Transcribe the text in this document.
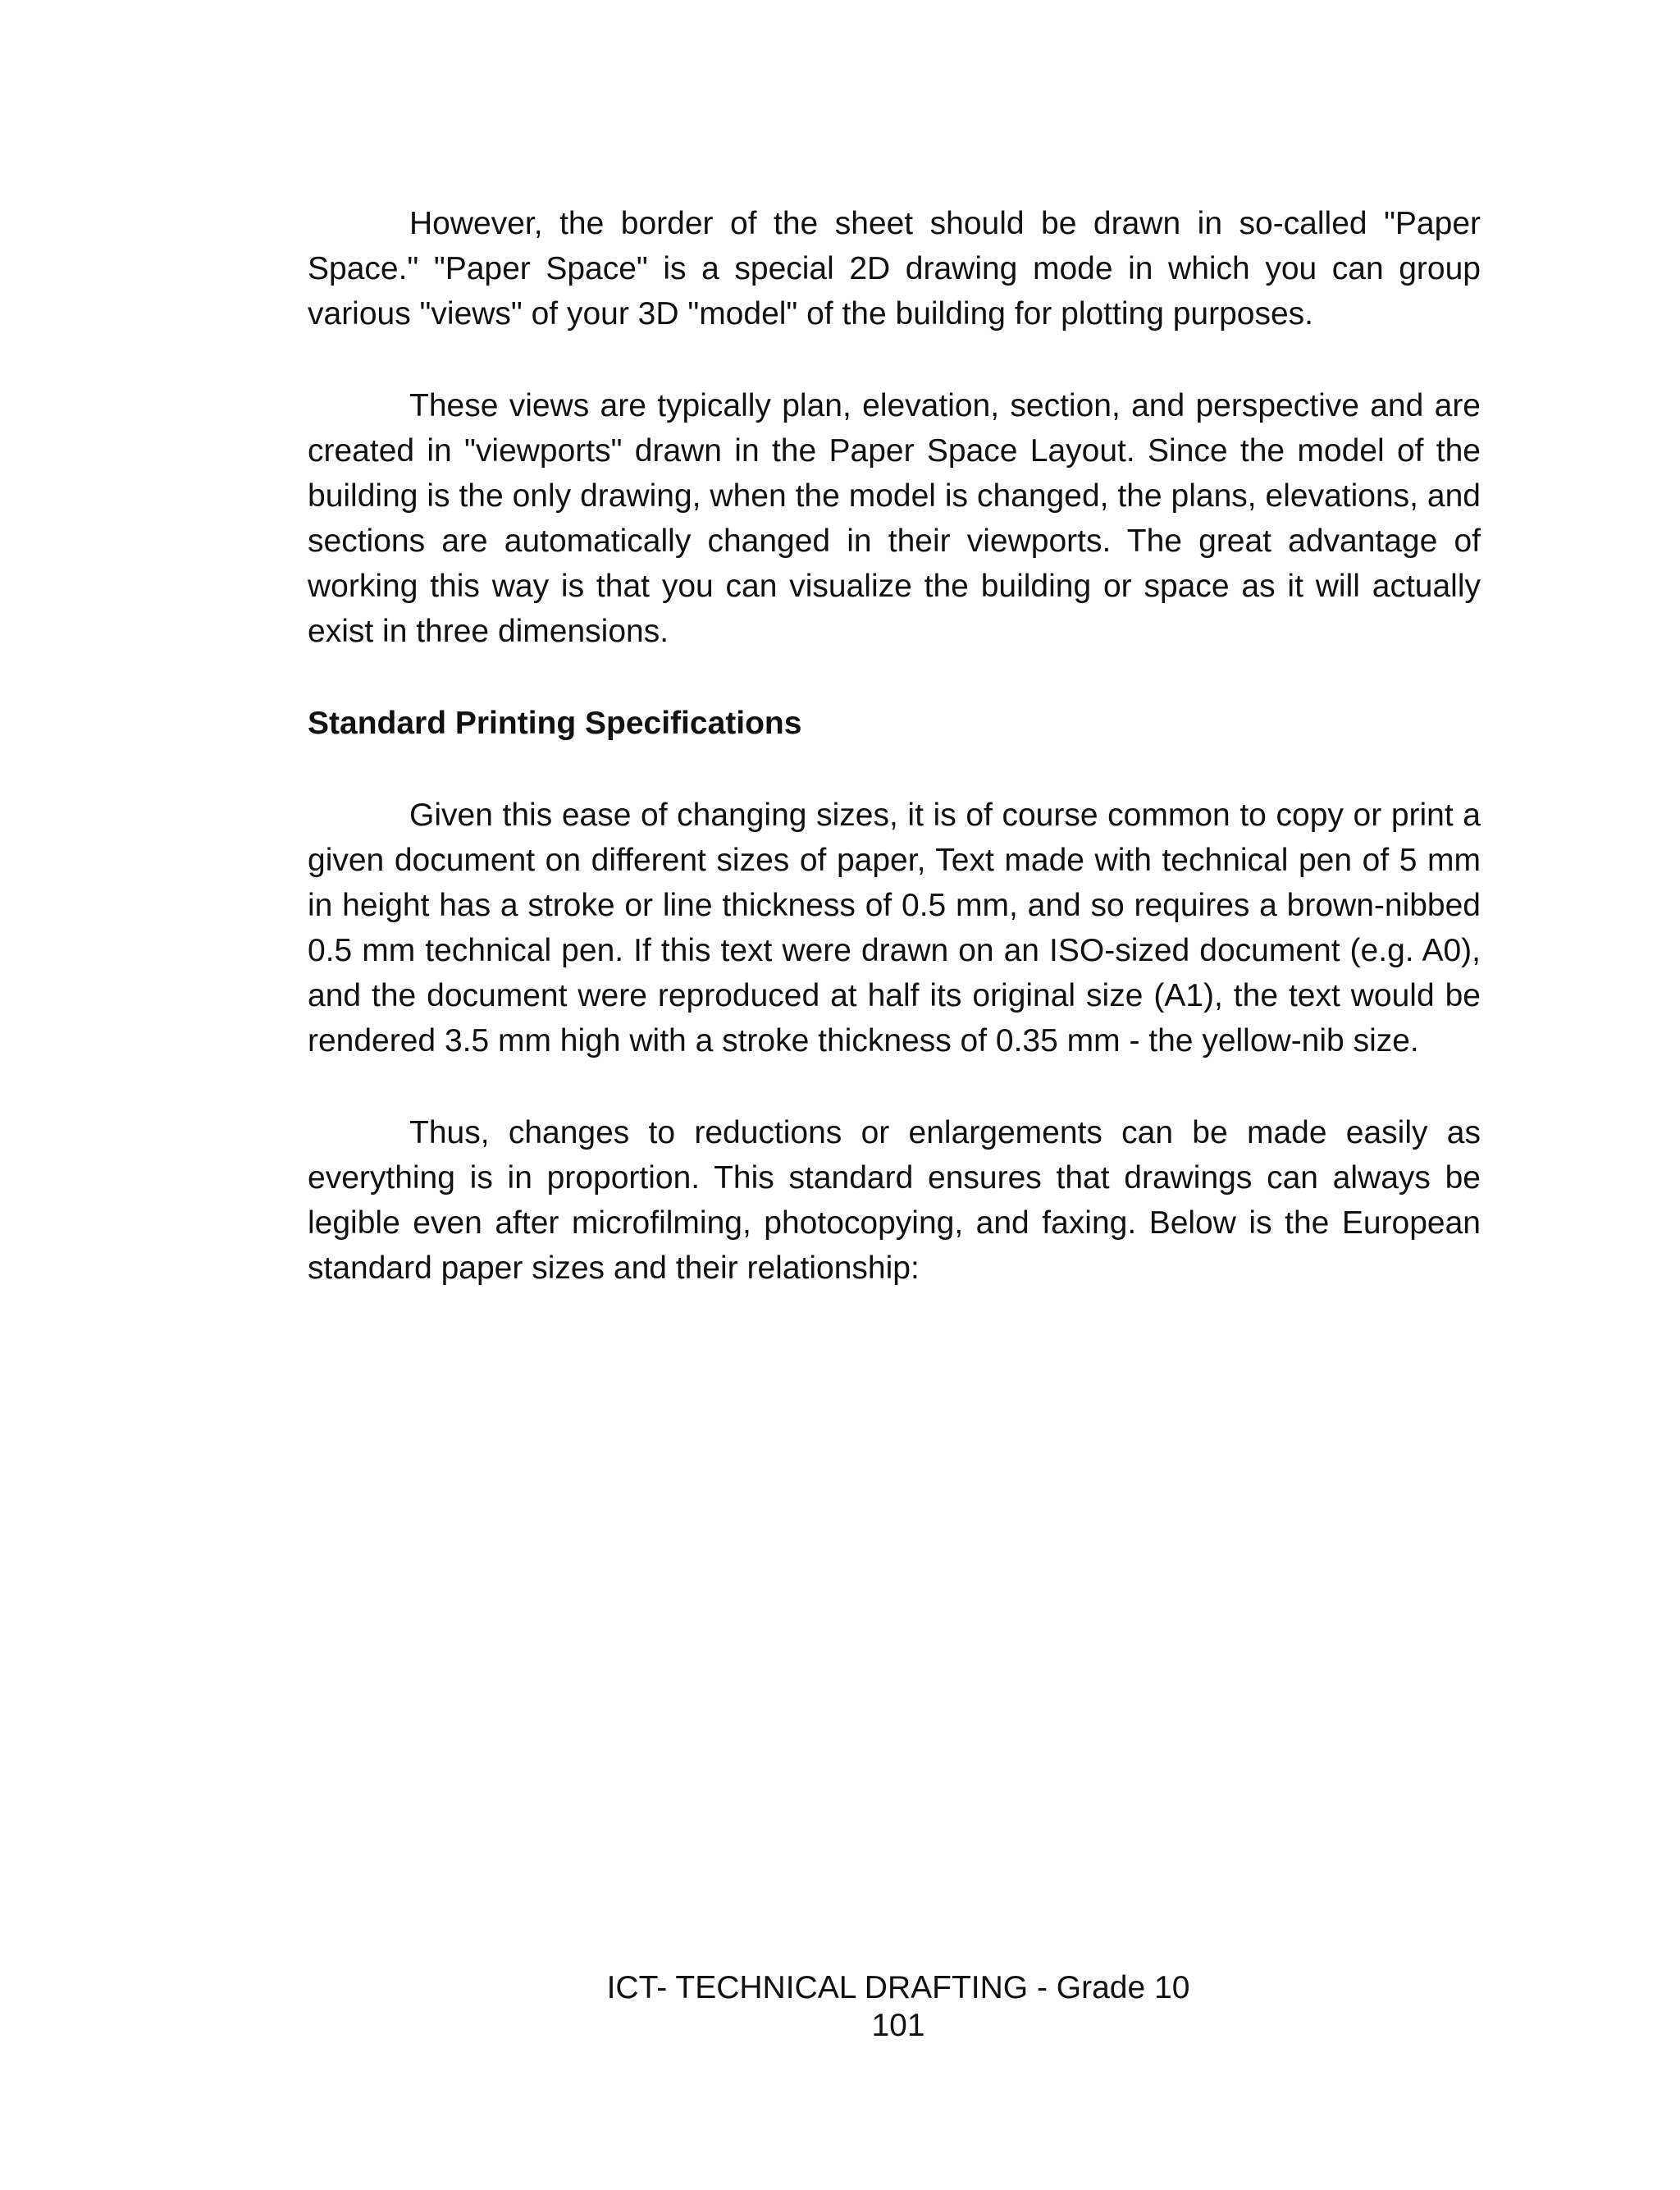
However, the border of the sheet should be drawn in so-called "Paper Space." "Paper Space" is a special 2D drawing mode in which you can group various "views" of your 3D "model" of the building for plotting purposes.

These views are typically plan, elevation, section, and perspective and are created in "viewports" drawn in the Paper Space Layout. Since the model of the building is the only drawing, when the model is changed, the plans, elevations, and sections are automatically changed in their viewports. The great advantage of working this way is that you can visualize the building or space as it will actually exist in three dimensions.

Standard Printing Specifications

Given this ease of changing sizes, it is of course common to copy or print a given document on different sizes of paper, Text made with technical pen of 5 mm in height has a stroke or line thickness of 0.5 mm, and so requires a brown-nibbed 0.5 mm technical pen. If this text were drawn on an ISO-sized document (e.g. A0), and the document were reproduced at half its original size (A1), the text would be rendered 3.5 mm high with a stroke thickness of 0.35 mm - the yellow-nib size.

Thus, changes to reductions or enlargements can be made easily as everything is in proportion. This standard ensures that drawings can always be legible even after microfilming, photocopying, and faxing. Below is the European standard paper sizes and their relationship:

ICT- TECHNICAL DRAFTING - Grade 10
101
